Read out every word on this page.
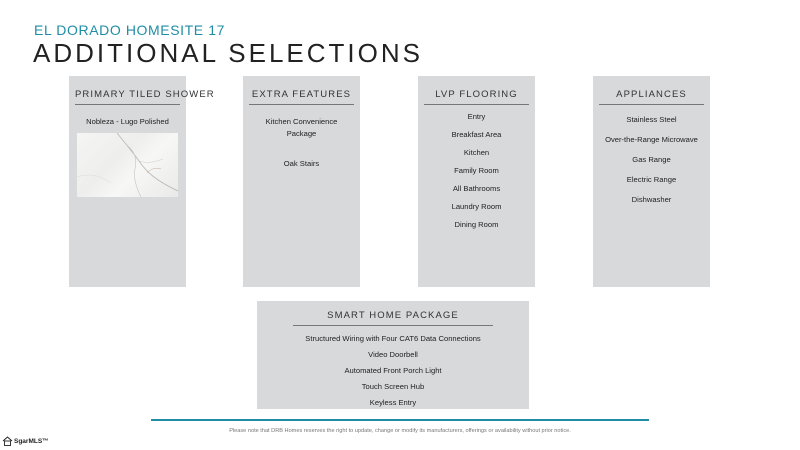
EL DORADO HOMESITE 17
ADDITIONAL SELECTIONS
PRIMARY TILED SHOWER
Nobleza - Lugo Polished
EXTRA FEATURES
Kitchen Convenience Package
Oak Stairs
LVP FLOORING
Entry
Breakfast Area
Kitchen
Family Room
All Bathrooms
Laundry Room
Dining Room
APPLIANCES
Stainless Steel
Over-the-Range Microwave
Gas Range
Electric Range
Dishwasher
SMART HOME PACKAGE
Structured Wiring with Four CAT6 Data Connections
Video Doorbell
Automated Front Porch Light
Touch Screen Hub
Keyless Entry
Please note that DRB Homes reserves the right to update, change or modify its manufacturers, offerings or availability without prior notice.
SgarMLS™
